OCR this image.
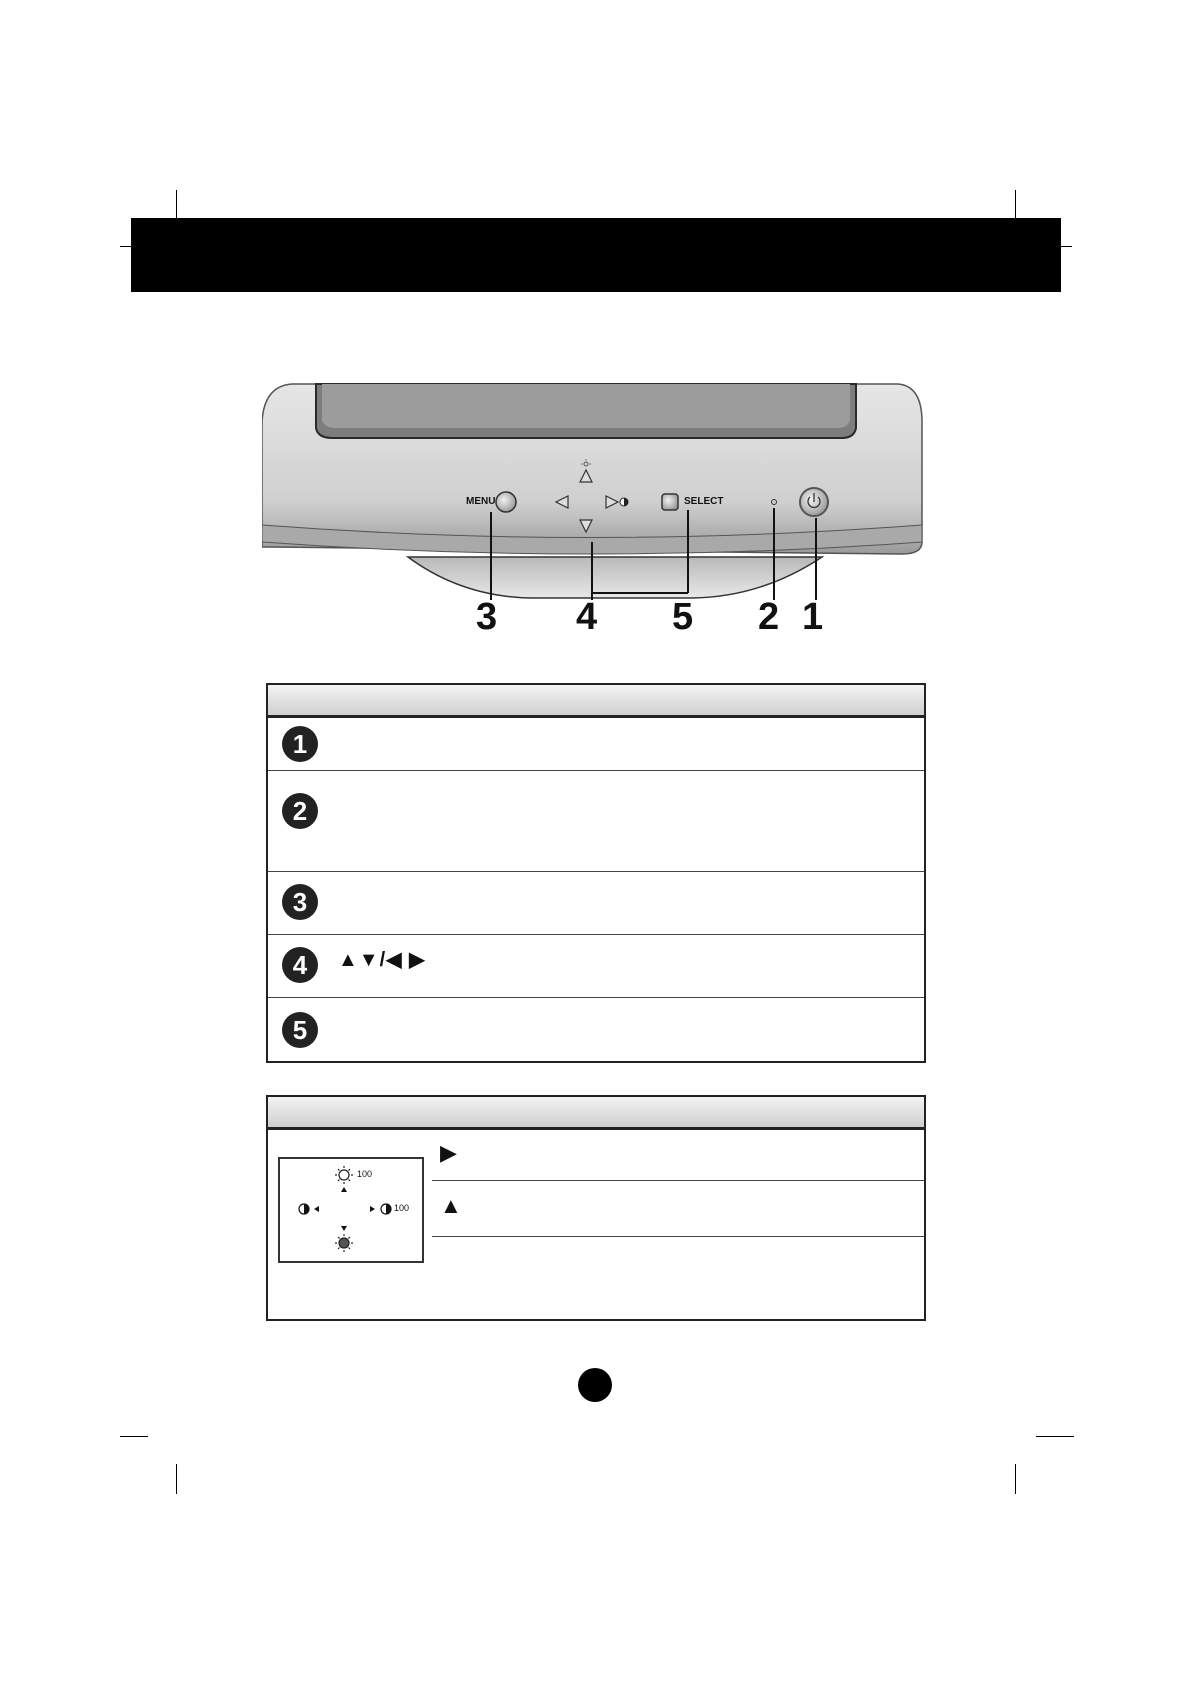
MENU	SELECT
3 4 5 2 1
1
2
3
4	▲▼/◀ ▶
5
100
100
▶
▲
